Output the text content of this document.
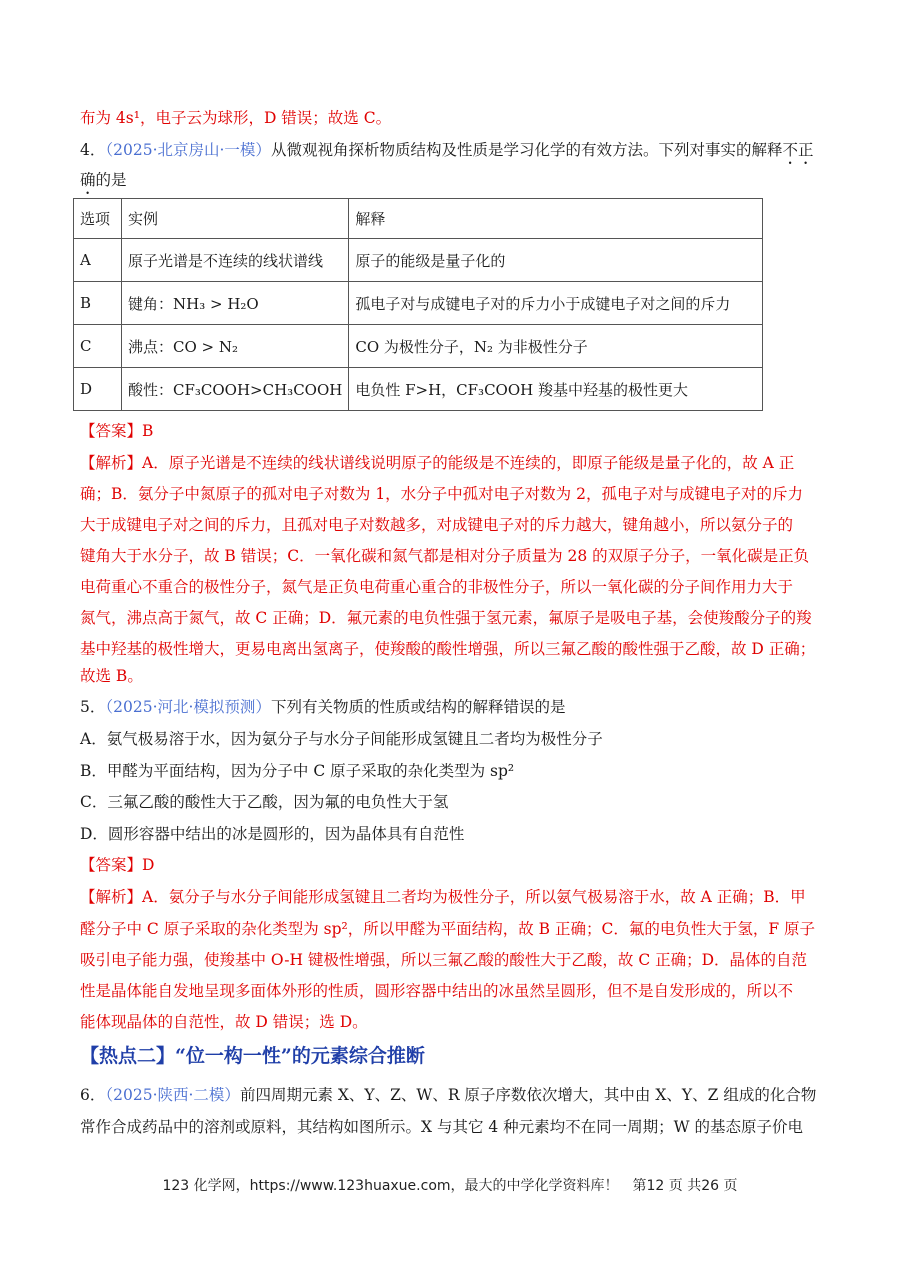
布为 4s¹，电子云为球形，D 错误；故选 C。
4．（2025·北京房山·一模）从微观视角探析物质结构及性质是学习化学的有效方法。下列对事实的解释不正
确的是
选项	实例	解释
A	原子光谱是不连续的线状谱线	原子的能级是量子化的
B	键角：NH₃ > H₂O	孤电子对与成键电子对的斥力小于成键电子对之间的斥力
C	沸点：CO > N₂	CO 为极性分子，N₂ 为非极性分子
D	酸性：CF₃COOH>CH₃COOH	电负性 F>H，CF₃COOH 羧基中羟基的极性更大
【答案】B
【解析】A．原子光谱是不连续的线状谱线说明原子的能级是不连续的，即原子能级是量子化的，故 A 正
确；B．氨分子中氮原子的孤对电子对数为 1，水分子中孤对电子对数为 2，孤电子对与成键电子对的斥力
大于成键电子对之间的斥力，且孤对电子对数越多，对成键电子对的斥力越大，键角越小，所以氨分子的
键角大于水分子，故 B 错误；C．一氧化碳和氮气都是相对分子质量为 28 的双原子分子，一氧化碳是正负
电荷重心不重合的极性分子，氮气是正负电荷重心重合的非极性分子，所以一氧化碳的分子间作用力大于
氮气，沸点高于氮气，故 C 正确；D．氟元素的电负性强于氢元素，氟原子是吸电子基，会使羧酸分子的羧
基中羟基的极性增大，更易电离出氢离子，使羧酸的酸性增强，所以三氟乙酸的酸性强于乙酸，故 D 正确；
故选 B。
5．（2025·河北·模拟预测）下列有关物质的性质或结构的解释错误的是
A．氨气极易溶于水，因为氨分子与水分子间能形成氢键且二者均为极性分子
B．甲醛为平面结构，因为分子中 C 原子采取的杂化类型为 sp²
C．三氟乙酸的酸性大于乙酸，因为氟的电负性大于氢
D．圆形容器中结出的冰是圆形的，因为晶体具有自范性
【答案】D
【解析】A．氨分子与水分子间能形成氢键且二者均为极性分子，所以氨气极易溶于水，故 A 正确；B．甲
醛分子中 C 原子采取的杂化类型为 sp²，所以甲醛为平面结构，故 B 正确；C．氟的电负性大于氢，F 原子
吸引电子能力强，使羧基中 O-H 键极性增强，所以三氟乙酸的酸性大于乙酸，故 C 正确；D．晶体的自范
性是晶体能自发地呈现多面体外形的性质，圆形容器中结出的冰虽然呈圆形，但不是自发形成的，所以不
能体现晶体的自范性，故 D 错误；选 D。
【热点二】“位一构一性”的元素综合推断
6．（2025·陕西·二模）前四周期元素 X、Y、Z、W、R 原子序数依次增大，其中由 X、Y、Z 组成的化合物
常作合成药品中的溶剂或原料，其结构如图所示。X 与其它 4 种元素均不在同一周期；W 的基态原子价电
123 化学网，https://www.123huaxue.com，最大的中学化学资料库！　第12 页 共26 页
